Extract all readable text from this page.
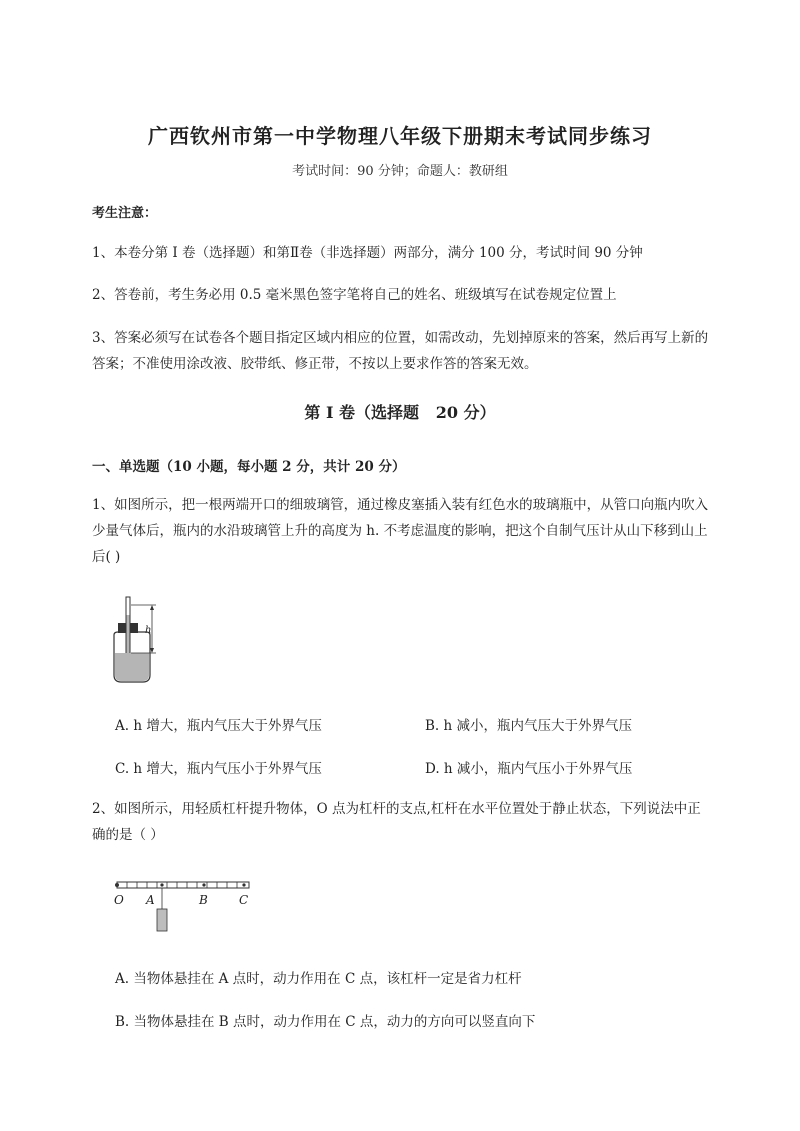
广西钦州市第一中学物理八年级下册期末考试同步练习
考试时间：90 分钟；命题人：教研组
考生注意：
1、本卷分第 I 卷（选择题）和第Ⅱ卷（非选择题）两部分，满分 100 分，考试时间 90 分钟
2、答卷前，考生务必用 0.5 毫米黑色签字笔将自己的姓名、班级填写在试卷规定位置上
3、答案必须写在试卷各个题目指定区域内相应的位置，如需改动，先划掉原来的答案，然后再写上新的答案；不准使用涂改液、胶带纸、修正带，不按以上要求作答的答案无效。
第 I 卷（选择题   20 分）
一、单选题（10 小题，每小题 2 分，共计 20 分）
1、如图所示，把一根两端开口的细玻璃管，通过橡皮塞插入装有红色水的玻璃瓶中，从管口向瓶内吹入少量气体后，瓶内的水沿玻璃管上升的高度为 h. 不考虑温度的影响，把这个自制气压计从山下移到山上后( )
h
A. h 增大，瓶内气压大于外界气压	B. h 减小，瓶内气压大于外界气压
C. h 增大，瓶内气压小于外界气压	D. h 减小，瓶内气压小于外界气压
2、如图所示，用轻质杠杆提升物体，O 点为杠杆的支点,杠杆在水平位置处于静止状态，下列说法中正确的是（ ）
O A	B	C
A. 当物体悬挂在 A 点时，动力作用在 C 点，该杠杆一定是省力杠杆
B. 当物体悬挂在 B 点时，动力作用在 C 点，动力的方向可以竖直向下
